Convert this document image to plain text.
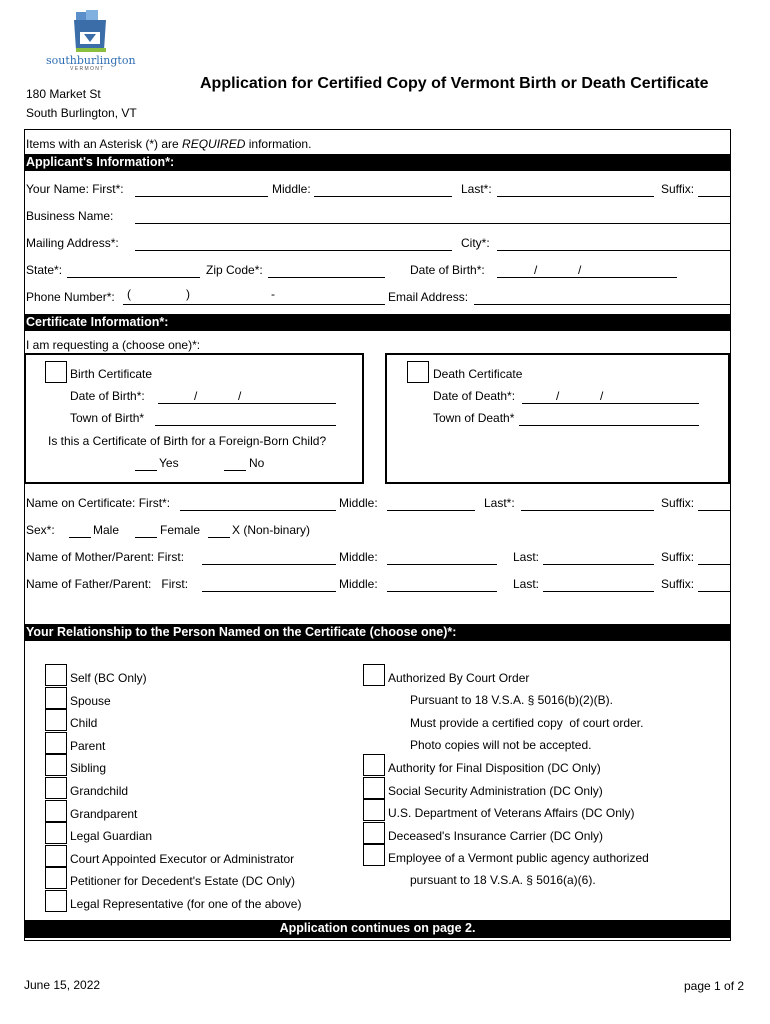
southburlington
V E R M O N T
180 Market St
South Burlington, VT
Application for Certified Copy of Vermont Birth or Death Certificate
Items with an Asterisk (*) are REQUIRED information.
Applicant's Information*:
Your Name: First*:	Middle:	Last*:	Suffix:
Business Name:
Mailing Address*:	City*:
State*:	Zip Code*:	Date of Birth*:	/	/
Phone Number*: (	)	-	Email Address:
Certificate Information*:
I am requesting a (choose one)*:
Birth Certificate
Date of Birth*:	/	/
Town of Birth*
Is this a Certificate of Birth for a Foreign-Born Child?
Yes	No
Death Certificate
Date of Death*:	/	/
Town of Death*
Name on Certificate: First*:	Middle:	Last*:	Suffix:
Sex*:	Male	Female	X (Non-binary)
Name of Mother/Parent: First:	Middle:	Last:	Suffix:
Name of Father/Parent:   First:	Middle:	Last:	Suffix:
Your Relationship to the Person Named on the Certificate (choose one)*:
Self (BC Only)
Spouse
Child
Parent
Sibling
Grandchild
Grandparent
Legal Guardian
Court Appointed Executor or Administrator
Petitioner for Decedent's Estate (DC Only)
Legal Representative (for one of the above)
Authorized By Court Order
Pursuant to 18 V.S.A. § 5016(b)(2)(B).
Must provide a certified copy  of court order.
Photo copies will not be accepted.
Authority for Final Disposition (DC Only)
Social Security Administration (DC Only)
U.S. Department of Veterans Affairs (DC Only)
Deceased's Insurance Carrier (DC Only)
Employee of a Vermont public agency authorized
pursuant to 18 V.S.A. § 5016(a)(6).
Application continues on page 2.
June 15, 2022	page 1 of 2
